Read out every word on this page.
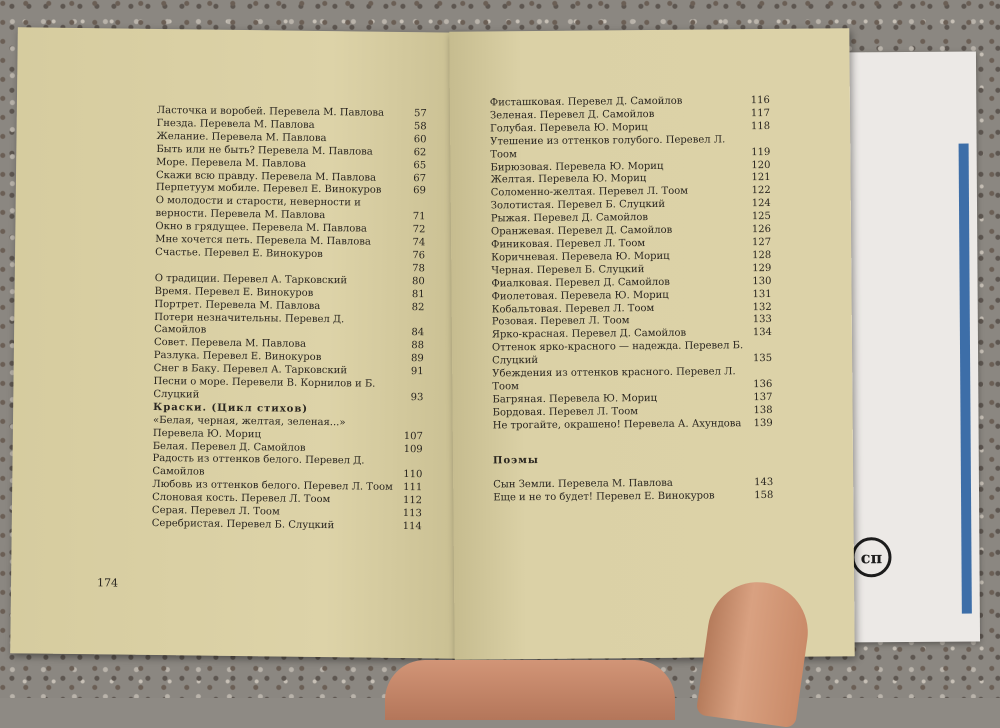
сп
Ласточка и воробей. Перевела М. Павлова	57
Гнезда. Перевела М. Павлова	58
Желание. Перевела М. Павлова	60
Быть или не быть? Перевела М. Павлова	62
Море. Перевела М. Павлова	65
Скажи всю правду. Перевела М. Павлова	67
Перпетуум мобиле. Перевел Е. Винокуров	69
О молодости и старости, неверности и верности. Перевела М. Павлова	71
Окно в грядущее. Перевела М. Павлова	72
Мне хочется петь. Перевела М. Павлова	74
Счастье. Перевел Е. Винокуров	76
78
О традиции. Перевел А. Тарковский	80
Время. Перевел Е. Винокуров	81
Портрет. Перевела М. Павлова	82
Потери незначительны. Перевел Д. Самойлов	84
Совет. Перевела М. Павлова	88
Разлука. Перевел Е. Винокуров	89
Снег в Баку. Перевел А. Тарковский	91
Песни о море. Перевели В. Корнилов и Б. Слуцкий	93
Краски. (Цикл стихов)
«Белая, черная, желтая, зеленая...» Перевела Ю. Мориц	107
Белая. Перевел Д. Самойлов	109
Радость из оттенков белого. Перевел Д. Самойлов	110
Любовь из оттенков белого. Перевел Л. Тоом	111
Слоновая кость. Перевел Л. Тоом	112
Серая. Перевел Л. Тоом	113
Серебристая. Перевел Б. Слуцкий	114
174
Фисташковая. Перевел Д. Самойлов	116
Зеленая. Перевел Д. Самойлов	117
Голубая. Перевела Ю. Мориц	118
Утешение из оттенков голубого. Перевел Л. Тоом	119
Бирюзовая. Перевела Ю. Мориц	120
Желтая. Перевела Ю. Мориц	121
Соломенно-желтая. Перевел Л. Тоом	122
Золотистая. Перевел Б. Слуцкий	124
Рыжая. Перевел Д. Самойлов	125
Оранжевая. Перевел Д. Самойлов	126
Финиковая. Перевел Л. Тоом	127
Коричневая. Перевела Ю. Мориц	128
Черная. Перевел Б. Слуцкий	129
Фиалковая. Перевел Д. Самойлов	130
Фиолетовая. Перевела Ю. Мориц	131
Кобальтовая. Перевел Л. Тоом	132
Розовая. Перевел Л. Тоом	133
Ярко-красная. Перевел Д. Самойлов	134
Оттенок ярко-красного — надежда. Перевел Б. Слуцкий	135
Убеждения из оттенков красного. Перевел Л. Тоом	136
Багряная. Перевела Ю. Мориц	137
Бордовая. Перевел Л. Тоом	138
Не трогайте, окрашено! Перевела А. Ахундова	139
Поэмы
Сын Земли. Перевела М. Павлова	143
Еще и не то будет! Перевел Е. Винокуров	158
